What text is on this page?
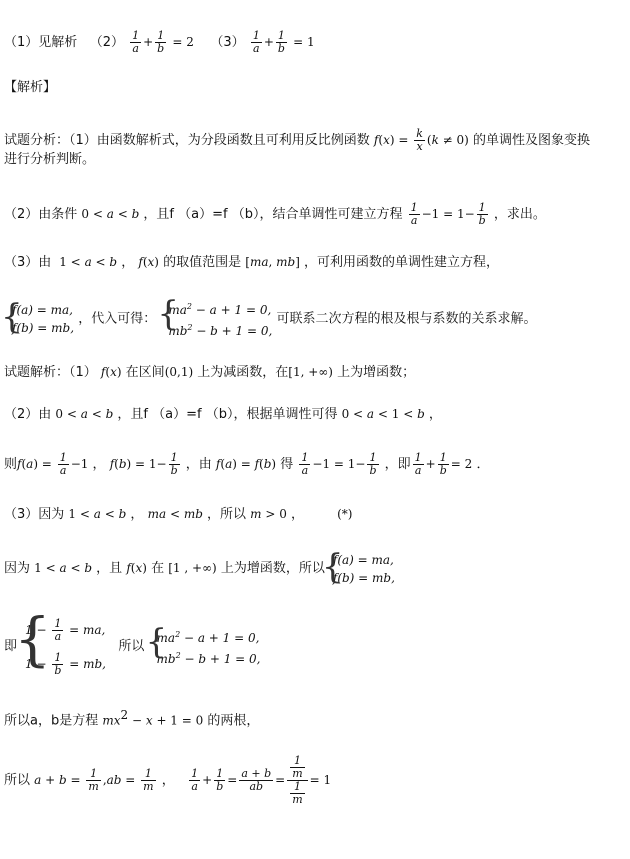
（1）见解析 $(2) \frac{1}{a} + \frac{1}{b} = 2$ $(3) \frac{1}{a} + \frac{1}{b} = 1$
【解析】
试题分析：（1）由函数解析式，为分段函数且可利用反比例函数 $f(x) = \frac{k}{x} (k \ne 0)$ 的单调性及图象变换
进行分析判断。
（2）由条件 0 < a < b ，且f （a）=f （b），结合单调性可建立方程 $\frac{1}{a} -1 = 1- \frac{1}{b}$ ，求出。
（3）由  1 < a < b ， f(x) 的取值范围是 [ma, mb] ，可利用函数的单调性建立方程，
{ f(a) = ma,
f(b) = mb,
，代入可得：
{ $ma^2 - a + 1 = 0$,
$mb^2 - b + 1 = 0$,
可联系二次方程的根及根与系数的关系求解。
试题解析：（1） f(x) 在区间(0,1) 上为减函数，在[1, +∞) 上为增函数；
（2）由 0 < a < b ，且f （a）=f （b），根据单调性可得 0 < a < 1 < b ，
则$f(a) = \frac{1}{a} -1$ ， $f(b) = 1- \frac{1}{b}$ ，由 f(a) = f(b) 得 $\frac{1}{a} -1 = 1- \frac{1}{b}$ ，即 $\frac{1}{a} + \frac{1}{b} = 2$ ．
（3）因为 1 < a < b ， ma < mb ，所以 m > 0 ，	(*)
因为 1 < a < b ，且 f(x) 在 [1 , +∞) 上为增函数，所以
{ f(a) = ma,
f(b) = mb,
即
{ $1 - \frac{1}{a}$ = ma,
$1 - \frac{1}{b}$ = mb,
所以
{ $ma^2 - a + 1 = 0$,
$mb^2 - b + 1 = 0$,
所以a，b是方程 $mx^2 - x + 1 = 0$ 的两根，
所以 $a + b = \frac{1}{m} ,ab = \frac{1}{m}$ ， $\frac{1}{a} + \frac{1}{b} = \frac{a + b}{ab} = \frac{\frac{1}{m}}{\frac{1}{m}} = 1$
